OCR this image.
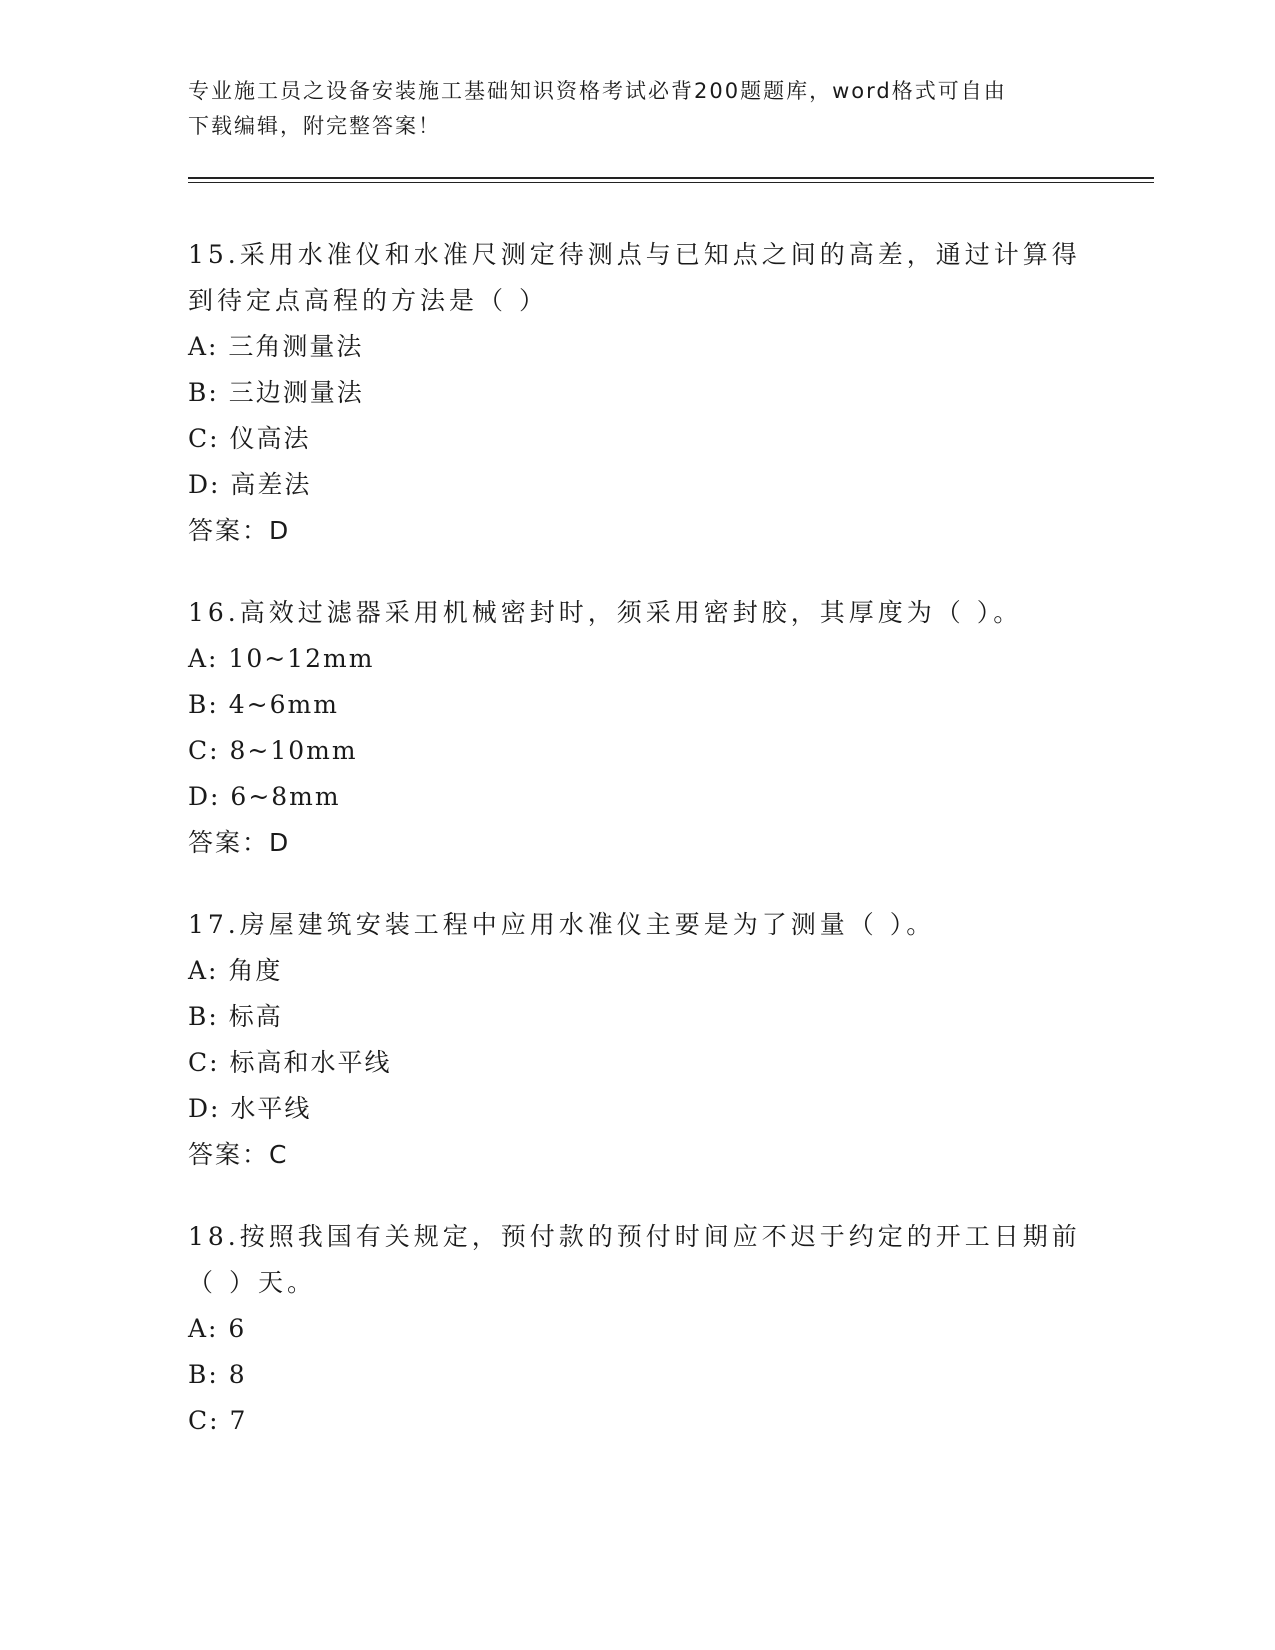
专业施工员之设备安装施工基础知识资格考试必背200题题库，word格式可自由
下载编辑，附完整答案！

15.采用水准仪和水准尺测定待测点与已知点之间的高差，通过计算得到待定点高程的方法是（ ）

A: 三角测量法

B: 三边测量法

C: 仪高法

D: 高差法

答案：D

16.高效过滤器采用机械密封时，须采用密封胶，其厚度为（ ）。

A: 10~12mm

B: 4~6mm

C: 8~10mm

D: 6~8mm

答案：D

17.房屋建筑安装工程中应用水准仪主要是为了测量（ ）。

A: 角度

B: 标高

C: 标高和水平线

D: 水平线

答案：C

18.按照我国有关规定，预付款的预付时间应不迟于约定的开工日期前（ ）天。

A: 6

B: 8

C: 7
